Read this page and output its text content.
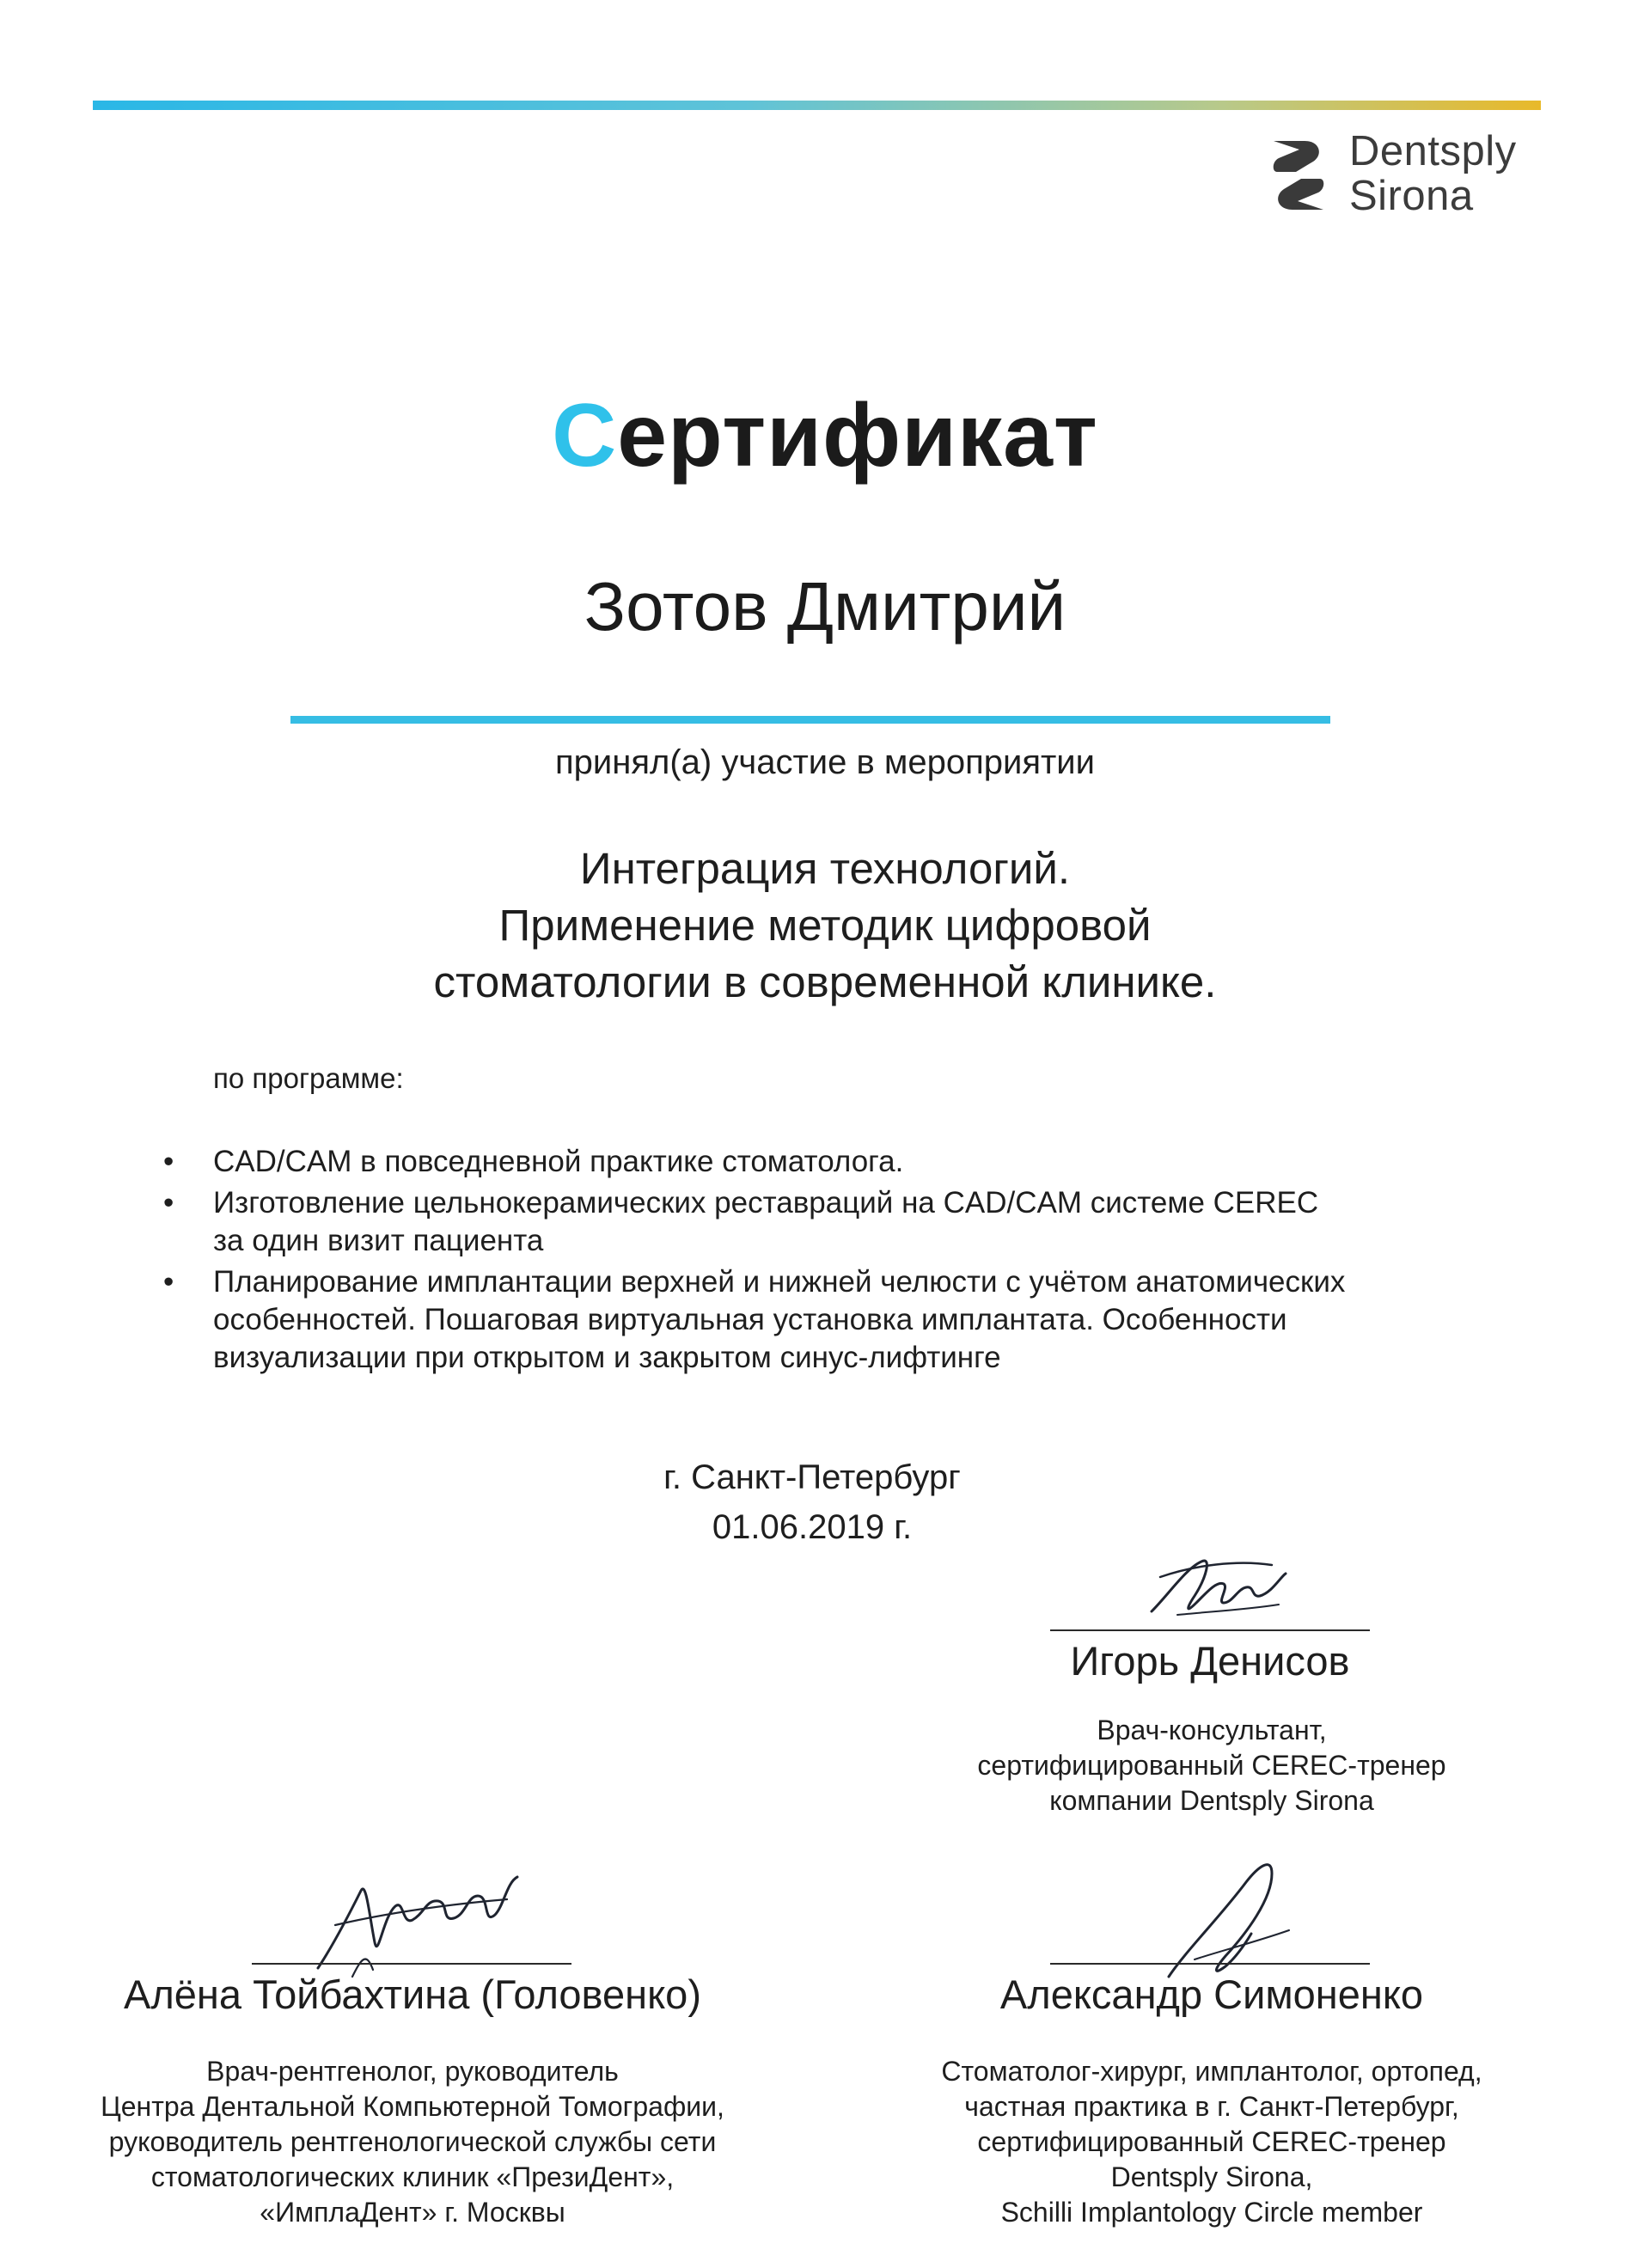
Dentsply
Sirona
Сертификат
Зотов Дмитрий
принял(а) участие в мероприятии
Интеграция технологий.
Применение методик цифровой
стоматологии в современной клинике.
по программе:
• CAD/CAM в повседневной практике стоматолога.
• Изготовление цельнокерамических реставраций на CAD/CAM системе CEREC
за один визит пациента
• Планирование имплантации верхней и нижней челюсти с учётом анатомических
особенностей. Пошаговая виртуальная установка имплантата. Особенности
визуализации при открытом и закрытом синус-лифтинге
г. Санкт-Петербург
01.06.2019 г.
Игорь Денисов
Врач-консультант,
сертифицированный CEREC-тренер
компании Dentsply Sirona
Алёна Тойбахтина (Головенко)
Врач-рентгенолог, руководитель
Центра Дентальной Компьютерной Томографии,
руководитель рентгенологической службы сети
стоматологических клиник «ПрезиДент»,
«ИмплаДент» г. Москвы
Александр Симоненко
Стоматолог-хирург, имплантолог, ортопед,
частная практика в г. Санкт-Петербург,
сертифицированный CEREC-тренер
Dentsply Sirona,
Schilli Implantology Circle member
